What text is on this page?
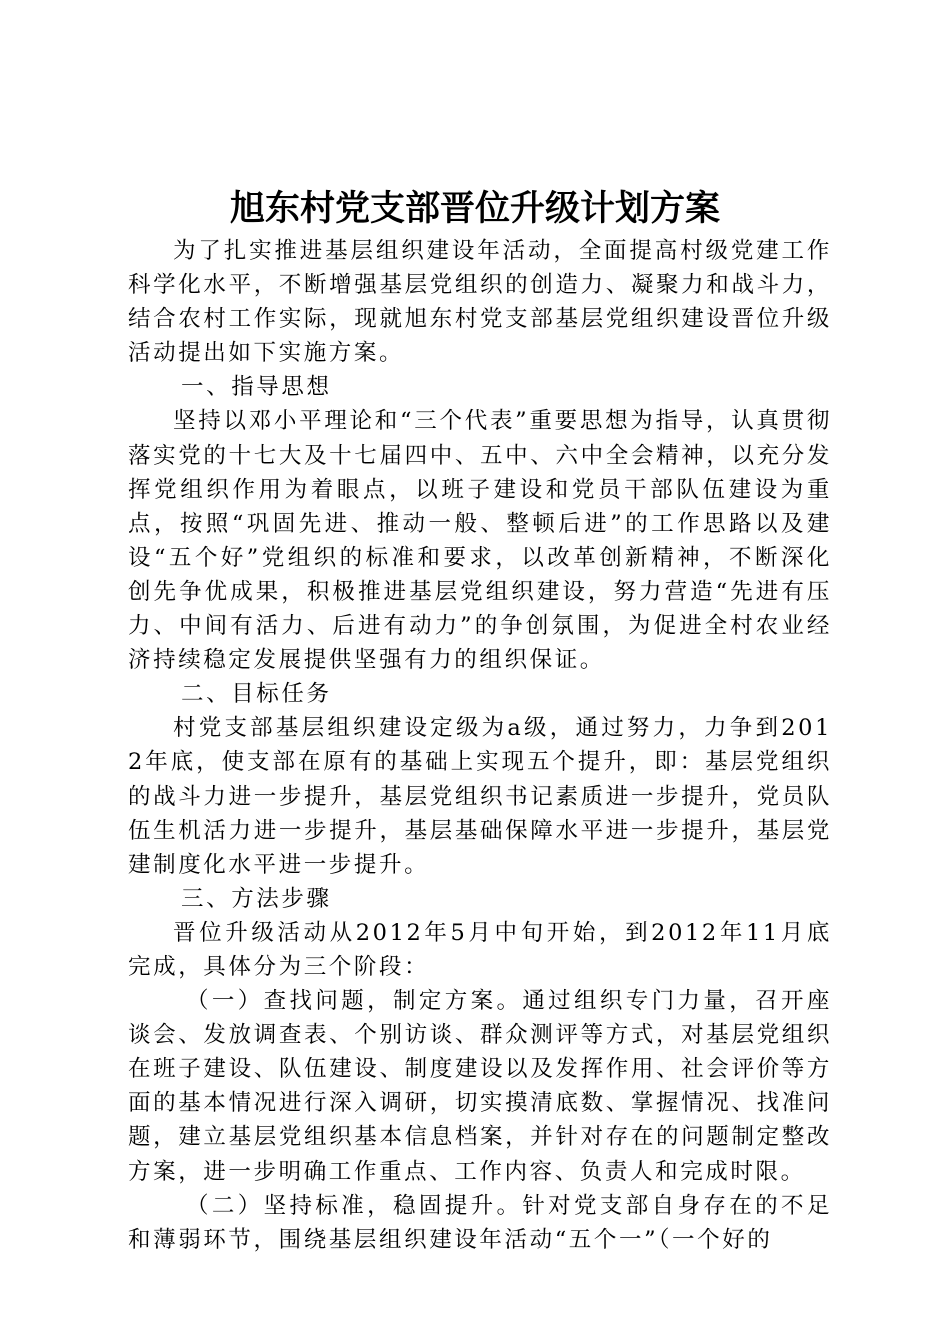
旭东村党支部晋位升级计划方案

为了扎实推进基层组织建设年活动，全面提高村级党建工作科学化水平，不断增强基层党组织的创造力、凝聚力和战斗力，结合农村工作实际，现就旭东村党支部基层党组织建设晋位升级活动提出如下实施方案。

一、指导思想

坚持以邓小平理论和“三个代表”重要思想为指导，认真贯彻落实党的十七大及十七届四中、五中、六中全会精神，以充分发挥党组织作用为着眼点，以班子建设和党员干部队伍建设为重点，按照“巩固先进、推动一般、整顿后进”的工作思路以及建设“五个好”党组织的标准和要求，以改革创新精神，不断深化创先争优成果，积极推进基层党组织建设，努力营造“先进有压力、中间有活力、后进有动力”的争创氛围，为促进全村农业经济持续稳定发展提供坚强有力的组织保证。

二、目标任务

村党支部基层组织建设定级为a级，通过努力，力争到2012年底，使支部在原有的基础上实现五个提升，即：基层党组织的战斗力进一步提升，基层党组织书记素质进一步提升，党员队伍生机活力进一步提升，基层基础保障水平进一步提升，基层党建制度化水平进一步提升。

三、方法步骤

晋位升级活动从2012年5月中旬开始，到2012年11月底完成，具体分为三个阶段：

（一）查找问题，制定方案。通过组织专门力量，召开座谈会、发放调查表、个别访谈、群众测评等方式，对基层党组织在班子建设、队伍建设、制度建设以及发挥作用、社会评价等方面的基本情况进行深入调研，切实摸清底数、掌握情况、找准问题，建立基层党组织基本信息档案，并针对存在的问题制定整改方案，进一步明确工作重点、工作内容、负责人和完成时限。

（二）坚持标准，稳固提升。针对党支部自身存在的不足和薄弱环节，围绕基层组织建设年活动“五个一”（一个好的
